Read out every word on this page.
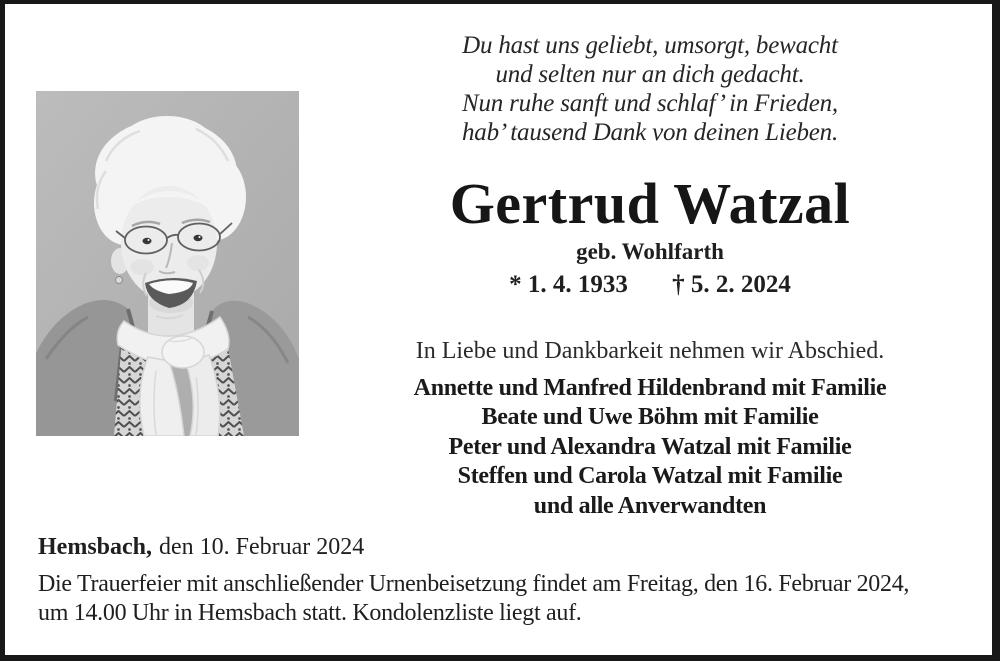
Du hast uns geliebt, umsorgt, bewacht
und selten nur an dich gedacht.
Nun ruhe sanft und schlaf’ in Frieden,
hab’ tausend Dank von deinen Lieben.
Gertrud Watzal
geb. Wohlfarth
* 1. 4. 1933 † 5. 2. 2024
In Liebe und Dankbarkeit nehmen wir Abschied.
Annette und Manfred Hildenbrand mit Familie
Beate und Uwe Böhm mit Familie
Peter und Alexandra Watzal mit Familie
Steffen und Carola Watzal mit Familie
und alle Anverwandten
Hemsbach, den 10. Februar 2024
Die Trauerfeier mit anschließender Urnenbeisetzung findet am Freitag, den 16. Februar 2024,
um 14.00 Uhr in Hemsbach statt. Kondolenzliste liegt auf.
